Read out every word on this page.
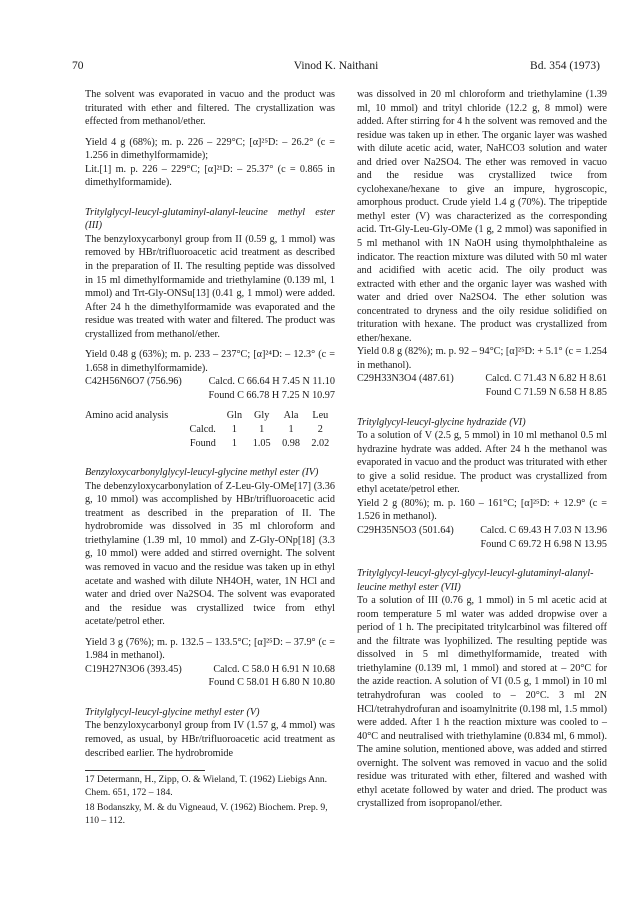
70	Vinod K. Naithani	Bd. 354 (1973)

The solvent was evaporated in vacuo and the product was triturated with ether and filtered. The crystallization was effected from methanol/ether.

Yield 4 g (68%); m. p. 226 – 229°C; [α]²⁵D: – 26.2° (c = 1.256 in dimethylformamide);

Lit.[1] m. p. 226 – 229°C; [α]²¹D: – 25.37° (c = 0.865 in dimethylformamide).

Tritylglycyl-leucyl-glutaminyl-alanyl-leucine methyl ester (III)

The benzyloxycarbonyl group from II (0.59 g, 1 mmol) was removed by HBr/trifluoroacetic acid treatment as described in the preparation of II. The resulting peptide was dissolved in 15 ml dimethylformamide and triethylamine (0.139 ml, 1 mmol) and Trt-Gly-ONSu[13] (0.41 g, 1 mmol) were added. After 24 h the dimethylformamide was evaporated and the residue was treated with water and filtered. The product was crystallized from methanol/ether.

Yield 0.48 g (63%); m. p. 233 – 237°C; [α]²⁴D: – 12.3° (c = 1.658 in dimethylformamide).

C42H56N6O7 (756.96)	Calcd. C 66.64 H 7.45 N 11.10

Found C 66.78 H 7.25 N 10.97

Amino acid analysis	Gln	Gly	Ala	Leu
Calcd.	1	1	1	2
Found	1	1.05	0.98	2.02

Benzyloxycarbonylglycyl-leucyl-glycine methyl ester (IV)

The debenzyloxycarbonylation of Z-Leu-Gly-OMe[17] (3.36 g, 10 mmol) was accomplished by HBr/trifluoroacetic acid treatment as described in the preparation of II. The hydrobromide was dissolved in 35 ml chloroform and triethylamine (1.39 ml, 10 mmol) and Z-Gly-ONp[18] (3.3 g, 10 mmol) were added and stirred overnight. The solvent was removed in vacuo and the residue was taken up in ethyl acetate and washed with dilute NH4OH, water, 1N HCl and water and dried over Na2SO4. The solvent was evaporated and the residue was crystallized twice from ethyl acetate/petrol ether.

Yield 3 g (76%); m. p. 132.5 – 133.5°C; [α]²⁵D: – 37.9° (c = 1.984 in methanol).

C19H27N3O6 (393.45)	Calcd. C 58.0 H 6.91 N 10.68

Found C 58.01 H 6.80 N 10.80

Tritylglycyl-leucyl-glycine methyl ester (V)

The benzyloxycarbonyl group from IV (1.57 g, 4 mmol) was removed, as usual, by HBr/trifluoroacetic acid treatment as described earlier. The hydrobromide

17 Determann, H., Zipp, O. & Wieland, T. (1962) Liebigs Ann. Chem. 651, 172 – 184.

18 Bodanszky, M. & du Vigneaud, V. (1962) Biochem. Prep. 9, 110 – 112.

was dissolved in 20 ml chloroform and triethylamine (1.39 ml, 10 mmol) and trityl chloride (12.2 g, 8 mmol) were added. After stirring for 4 h the solvent was removed and the residue was taken up in ether. The organic layer was washed with dilute acetic acid, water, NaHCO3 solution and water and dried over Na2SO4. The ether was removed in vacuo and the residue was crystallized twice from cyclohexane/hexane to give an impure, hygroscopic, amorphous product. Crude yield 1.4 g (70%). The tripeptide methyl ester (V) was characterized as the corresponding acid. Trt-Gly-Leu-Gly-OMe (1 g, 2 mmol) was saponified in 5 ml methanol with 1N NaOH using thymolphthaleine as indicator. The reaction mixture was diluted with 50 ml water and acidified with acetic acid. The oily product was extracted with ether and the organic layer was washed with water and dried over Na2SO4. The ether solution was concentrated to dryness and the oily residue solidified on trituration with hexane. The product was crystallized from ether/hexane.

Yield 0.8 g (82%); m. p. 92 – 94°C; [α]²⁵D: + 5.1° (c = 1.254 in methanol).

C29H33N3O4 (487.61)	Calcd. C 71.43 N 6.82 H 8.61

Found C 71.59 N 6.58 H 8.85

Tritylglycyl-leucyl-glycine hydrazide (VI)

To a solution of V (2.5 g, 5 mmol) in 10 ml methanol 0.5 ml hydrazine hydrate was added. After 24 h the methanol was evaporated in vacuo and the product was triturated with ether to give a solid residue. The product was crystallized from ethyl acetate/petrol ether.

Yield 2 g (80%); m. p. 160 – 161°C; [α]²⁵D: + 12.9° (c = 1.526 in methanol).

C29H35N5O3 (501.64)	Calcd. C 69.43 H 7.03 N 13.96

Found C 69.72 H 6.98 N 13.95

Tritylglycyl-leucyl-glycyl-glycyl-leucyl-glutaminyl-alanyl-leucine methyl ester (VII)

To a solution of III (0.76 g, 1 mmol) in 5 ml acetic acid at room temperature 5 ml water was added dropwise over a period of 1 h. The precipitated tritylcarbinol was filtered off and the filtrate was lyophilized. The resulting peptide was dissolved in 5 ml dimethylformamide, treated with triethylamine (0.139 ml, 1 mmol) and stored at – 20°C for the azide reaction. A solution of VI (0.5 g, 1 mmol) in 10 ml tetrahydrofuran was cooled to – 20°C. 3 ml 2N HCl/tetrahydrofuran and isoamylnitrite (0.198 ml, 1.5 mmol) were added. After 1 h the reaction mixture was cooled to – 40°C and neutralised with triethylamine (0.834 ml, 6 mmol). The amine solution, mentioned above, was added and stirred overnight. The solvent was removed in vacuo and the solid residue was triturated with ether, filtered and washed with ethyl acetate followed by water and dried. The product was crystallized from isopropanol/ether.
